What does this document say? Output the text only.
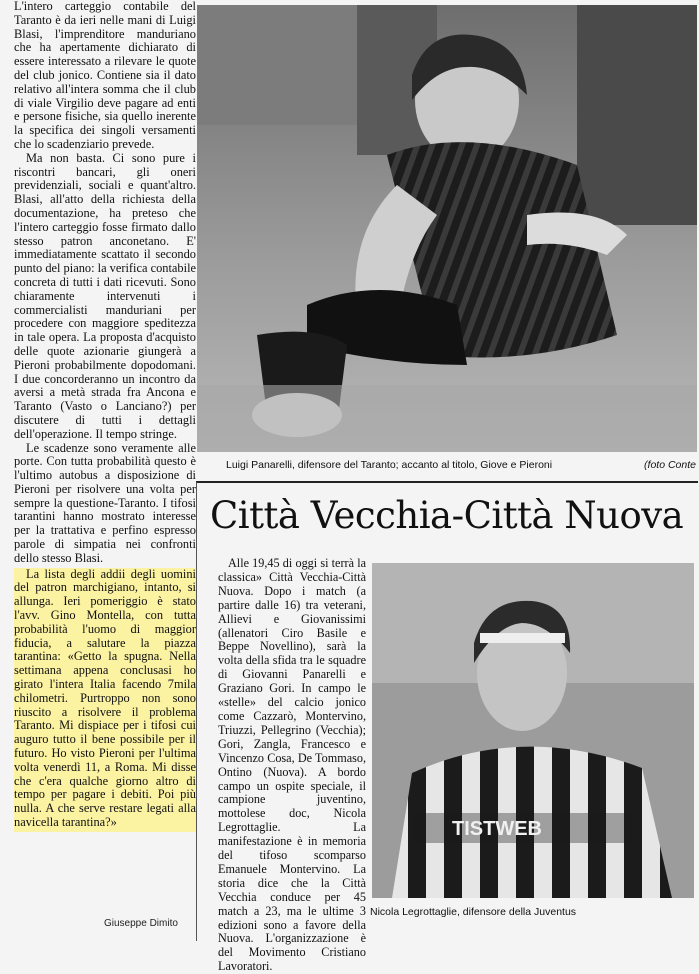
L'intero carteggio contabile del Taranto è da ieri nelle mani di Luigi Blasi, l'imprenditore manduriano che ha apertamente dichiarato di essere interessato a rilevare le quote del club jonico. Contiene sia il dato relativo all'intera somma che il club di viale Virgilio deve pagare ad enti e persone fisiche, sia quello inerente la specifica dei singoli versamenti che lo scadenziario prevede.

Ma non basta. Ci sono pure i riscontri bancari, gli oneri previdenziali, sociali e quant'altro. Blasi, all'atto della richiesta della documentazione, ha preteso che l'intero carteggio fosse firmato dallo stesso patron anconetano. E' immediatamente scattato il secondo punto del piano: la verifica contabile concreta di tutti i dati ricevuti. Sono chiaramente intervenuti i commercialisti manduriani per procedere con maggiore speditezza in tale opera. La proposta d'acquisto delle quote azionarie giungerà a Pieroni probabilmente dopodomani. I due concorderanno un incontro da aversi a metà strada fra Ancona e Taranto (Vasto o Lanciano?) per discutere di tutti i dettagli dell'operazione. Il tempo stringe.

Le scadenze sono veramente alle porte. Con tutta probabilità questo è l'ultimo autobus a disposizione di Pieroni per risolvere una volta per sempre la questione-Taranto. I tifosi tarantini hanno mostrato interesse per la trattativa e perfino espresso parole di simpatia nei confronti dello stesso Blasi.

La lista degli addii degli uomini del patron marchigiano, intanto, si allunga. Ieri pomeriggio è stato l'avv. Gino Montella, con tutta probabilità l'uomo di maggior fiducia, a salutare la piazza tarantina: «Getto la spugna. Nella settimana appena conclusasi ho girato l'intera Italia facendo 7mila chilometri. Purtroppo non sono riuscito a risolvere il problema Taranto. Mi dispiace per i tifosi cui auguro tutto il bene possibile per il futuro. Ho visto Pieroni per l'ultima volta venerdì 11, a Roma. Mi disse che c'era qualche giorno altro di tempo per pagare i debiti. Poi più nulla. A che serve restare legati alla navicella tarantina?»

Giuseppe Dimito
Luigi Panarelli, difensore del Taranto; accanto al titolo, Giove e Pieroni	(foto Conte
Città Vecchia-Città Nuova

Alle 19,45 di oggi si terrà la classica» Città Vecchia-Città Nuova. Dopo i match (a partire dalle 16) tra veterani, Allievi e Giovanissimi (allenatori Ciro Basile e Beppe Novellino), sarà la volta della sfida tra le squadre di Giovanni Panarelli e Graziano Gori. In campo le «stelle» del calcio jonico come Cazzarò, Montervino, Triuzzi, Pellegrino (Vecchia); Gori, Zangla, Francesco e Vincenzo Cosa, De Tommaso, Ontino (Nuova). A bordo campo un ospite speciale, il campione juventino, mottolese doc, Nicola Legrottaglie. La manifestazione è in memoria del tifoso scomparso Emanuele Montervino. La storia dice che la Città Vecchia conduce per 45 match a 23, ma le ultime 3 edizioni sono a favore della Nuova. L'organizzazione è del Movimento Cristiano Lavoratori.

TISTWEB
Nicola Legrottaglie, difensore della Juventus
